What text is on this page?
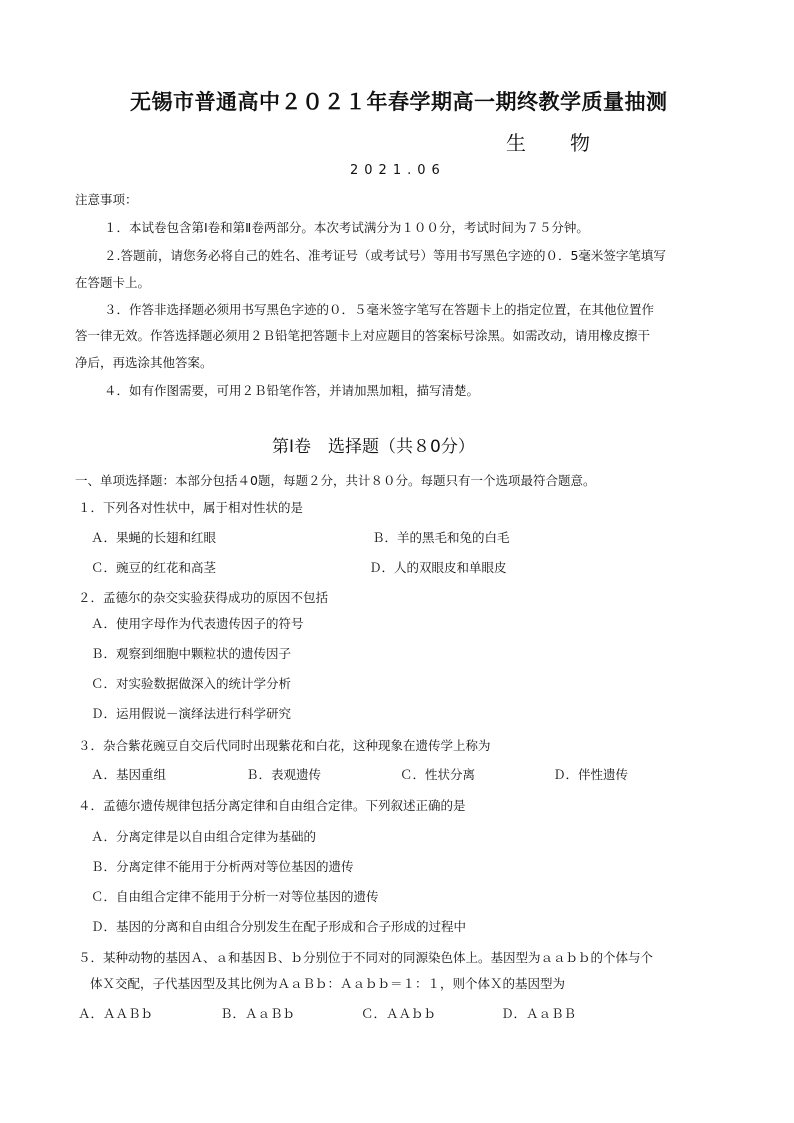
无锡市普通高中２０２１年春学期高一期终教学质量抽测
生 物
2021.06
注意事项：
１．本试卷包含第Ⅰ卷和第Ⅱ卷两部分。本次考试满分为１００分，考试时间为７５分钟。
２.答题前，请您务必将自己的姓名、准考证号（或考试号）等用书写黑色字迹的０．5毫米签字笔填写
在答题卡上。
３．作答非选择题必须用书写黑色字迹的０．５毫米签字笔写在答题卡上的指定位置，在其他位置作
答一律无效。作答选择题必须用２Ｂ铅笔把答题卡上对应题目的答案标号涂黑。如需改动，请用橡皮擦干
净后，再选涂其他答案。
４．如有作图需要，可用２Ｂ铅笔作答，并请加黑加粗，描写清楚。
第Ⅰ卷　选择题（共８0分）
一、单项选择题：本部分包括４0题，每题２分，共计８０分。每题只有一个选项最符合题意。
１．下列各对性状中，属于相对性状的是
Ａ．果蝇的长翅和红眼	Ｂ．羊的黑毛和兔的白毛
Ｃ．豌豆的红花和高茎	Ｄ．人的双眼皮和单眼皮
２．孟德尔的杂交实验获得成功的原因不包括
Ａ．使用字母作为代表遗传因子的符号
Ｂ．观察到细胞中颗粒状的遗传因子
Ｃ．对实验数据做深入的统计学分析
Ｄ．运用假说－演绎法进行科学研究
３．杂合紫花豌豆自交后代同时出现紫花和白花，这种现象在遗传学上称为
Ａ．基因重组	Ｂ．表观遗传	Ｃ．性状分离	Ｄ．伴性遗传
４．孟德尔遗传规律包括分离定律和自由组合定律。下列叙述正确的是
Ａ．分离定律是以自由组合定律为基础的
Ｂ．分离定律不能用于分析两对等位基因的遗传
Ｃ．自由组合定律不能用于分析一对等位基因的遗传
Ｄ．基因的分离和自由组合分别发生在配子形成和合子形成的过程中
５．某种动物的基因Ａ、ａ和基因Ｂ、ｂ分别位于不同对的同源染色体上。基因型为ａａｂｂ的个体与个
体Ｘ交配，子代基因型及其比例为ＡａＢｂ：Ａａｂｂ＝１：１，则个体Ｘ的基因型为
Ａ．ＡＡＢｂ	Ｂ．ＡａＢｂ	Ｃ．ＡＡｂｂ	Ｄ．ＡａＢＢ
